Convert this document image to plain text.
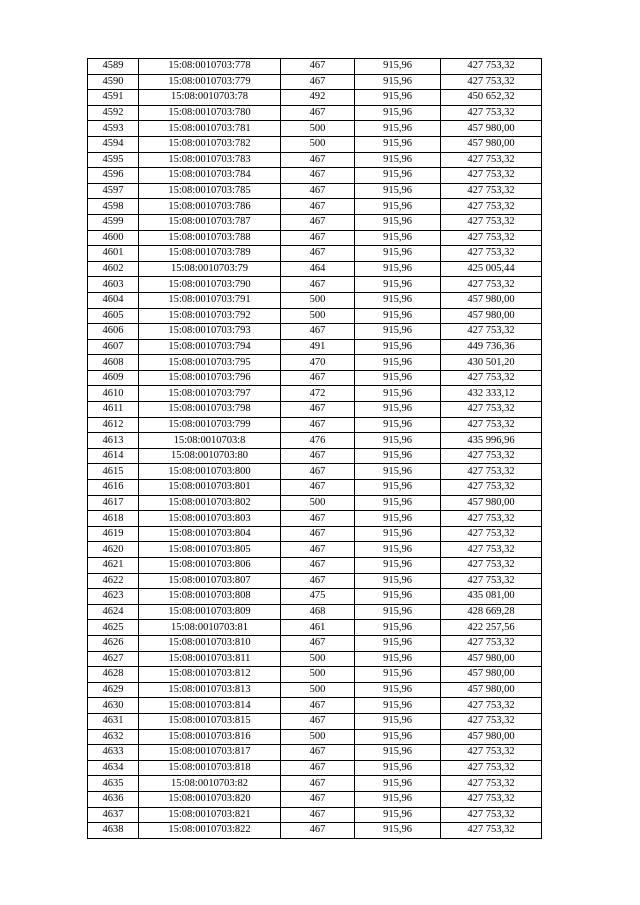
4589	15:08:0010703:778	467	915,96	427 753,32
4590	15:08:0010703:779	467	915,96	427 753,32
4591	15:08:0010703:78	492	915,96	450 652,32
4592	15:08:0010703:780	467	915,96	427 753,32
4593	15:08:0010703:781	500	915,96	457 980,00
4594	15:08:0010703:782	500	915,96	457 980,00
4595	15:08:0010703:783	467	915,96	427 753,32
4596	15:08:0010703:784	467	915,96	427 753,32
4597	15:08:0010703:785	467	915,96	427 753,32
4598	15:08:0010703:786	467	915,96	427 753,32
4599	15:08:0010703:787	467	915,96	427 753,32
4600	15:08:0010703:788	467	915,96	427 753,32
4601	15:08:0010703:789	467	915,96	427 753,32
4602	15:08:0010703:79	464	915,96	425 005,44
4603	15:08:0010703:790	467	915,96	427 753,32
4604	15:08:0010703:791	500	915,96	457 980,00
4605	15:08:0010703:792	500	915,96	457 980,00
4606	15:08:0010703:793	467	915,96	427 753,32
4607	15:08:0010703:794	491	915,96	449 736,36
4608	15:08:0010703:795	470	915,96	430 501,20
4609	15:08:0010703:796	467	915,96	427 753,32
4610	15:08:0010703:797	472	915,96	432 333,12
4611	15:08:0010703:798	467	915,96	427 753,32
4612	15:08:0010703:799	467	915,96	427 753,32
4613	15:08:0010703:8	476	915,96	435 996,96
4614	15:08:0010703:80	467	915,96	427 753,32
4615	15:08:0010703:800	467	915,96	427 753,32
4616	15:08:0010703:801	467	915,96	427 753,32
4617	15:08:0010703:802	500	915,96	457 980,00
4618	15:08:0010703:803	467	915,96	427 753,32
4619	15:08:0010703:804	467	915,96	427 753,32
4620	15:08:0010703:805	467	915,96	427 753,32
4621	15:08:0010703:806	467	915,96	427 753,32
4622	15:08:0010703:807	467	915,96	427 753,32
4623	15:08:0010703:808	475	915,96	435 081,00
4624	15:08:0010703:809	468	915,96	428 669,28
4625	15:08:0010703:81	461	915,96	422 257,56
4626	15:08:0010703:810	467	915,96	427 753,32
4627	15:08:0010703:811	500	915,96	457 980,00
4628	15:08:0010703:812	500	915,96	457 980,00
4629	15:08:0010703:813	500	915,96	457 980,00
4630	15:08:0010703:814	467	915,96	427 753,32
4631	15:08:0010703:815	467	915,96	427 753,32
4632	15:08:0010703:816	500	915,96	457 980,00
4633	15:08:0010703:817	467	915,96	427 753,32
4634	15:08:0010703:818	467	915,96	427 753,32
4635	15:08:0010703:82	467	915,96	427 753,32
4636	15:08:0010703:820	467	915,96	427 753,32
4637	15:08:0010703:821	467	915,96	427 753,32
4638	15:08:0010703:822	467	915,96	427 753,32
